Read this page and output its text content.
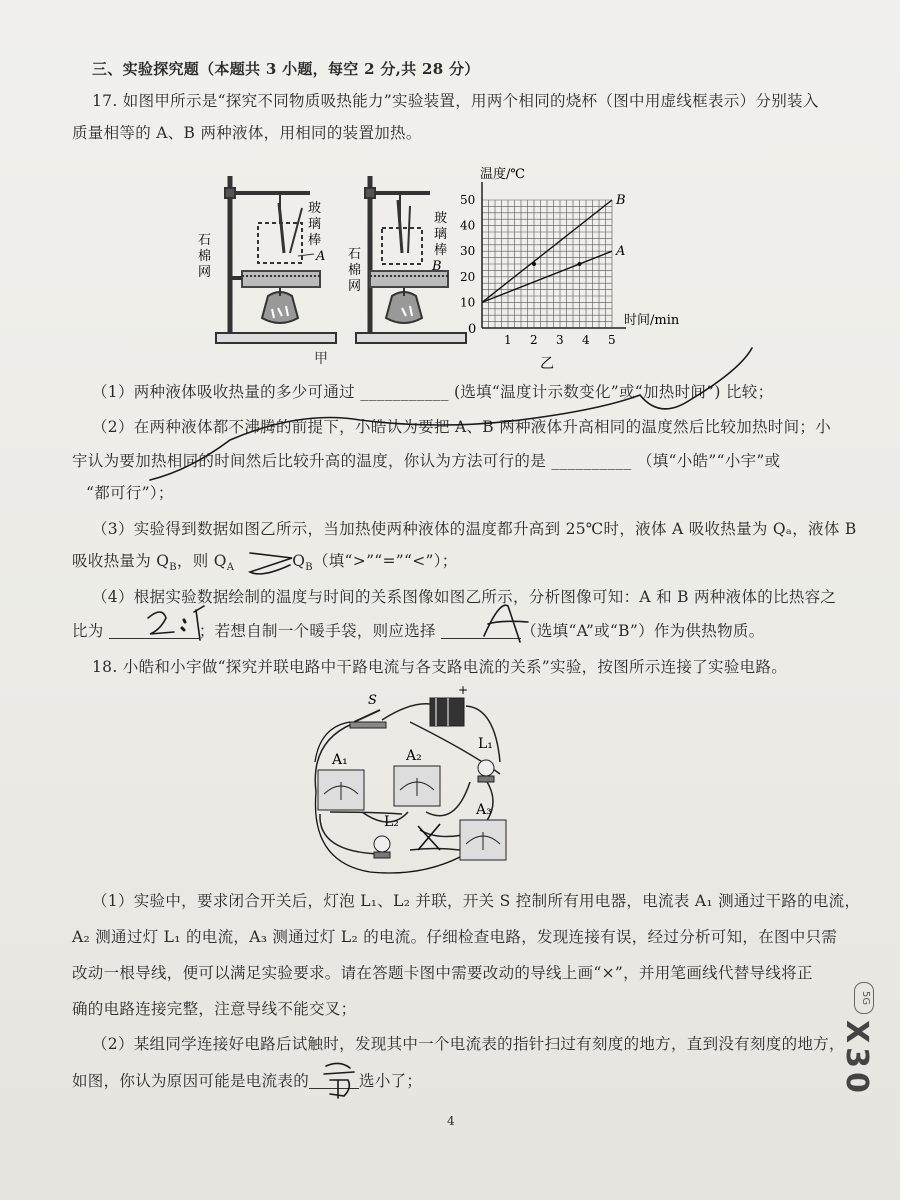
三、实验探究题（本题共 3 小题，每空 2 分,共 28 分）
17. 如图甲所示是“探究不同物质吸热能力”实验装置，用两个相同的烧杯（图中用虚线框表示）分别装入
质量相等的 A、B 两种液体，用相同的装置加热。
石
棉
网
玻
璃
棒
A 石
棉
网
玻
璃
棒
B
甲
温度/℃
时间/min
0
10
20
30
40
50
1 2 3 4 5
B
A
乙
（1）两种液体吸收热量的多少可通过 ___________ (选填“温度计示数变化”或“加热时间”) 比较；
（2）在两种液体都不沸腾的前提下，小皓认为要把 A、B 两种液体升高相同的温度然后比较加热时间；小
宇认为要加热相同的时间然后比较升高的温度，你认为方法可行的是 __________ （填“小皓”“小宇”或
“都可行”）；
（3）实验得到数据如图乙所示，当加热使两种液体的温度都升高到 25℃时，液体 A 吸收热量为 Qₐ，液体 B
吸收热量为 $Q_B$，则 $Q_A$	$Q_B$（填“>”“=”“<”）；
（4）根据实验数据绘制的温度与时间的关系图像如图乙所示，分析图像可知：A 和 B 两种液体的比热容之
比为	；若想自制一个暖手袋，则应选择	（选填“A”或“B”）作为供热物质。
18. 小皓和小宇做“探究并联电路中干路电流与各支路电流的关系”实验，按图所示连接了实验电路。
S
+
A₁	A₂
A₃
L₁
L₂
（1）实验中，要求闭合开关后，灯泡 L₁、L₂ 并联，开关 S 控制所有用电器，电流表 A₁ 测通过干路的电流，
A₂ 测通过灯 L₁ 的电流，A₃ 测通过灯 L₂ 的电流。仔细检查电路，发现连接有误，经过分析可知，在图中只需
改动一根导线，便可以满足实验要求。请在答题卡图中需要改动的导线上画“×”，并用笔画线代替导线将正
确的电路连接完整，注意导线不能交叉；
（2）某组同学连接好电路后试触时，发现其中一个电流表的指针扫过有刻度的地方，直到没有刻度的地方，
如图，你认为原因可能是电流表的	选小了；
4
5G
X30
